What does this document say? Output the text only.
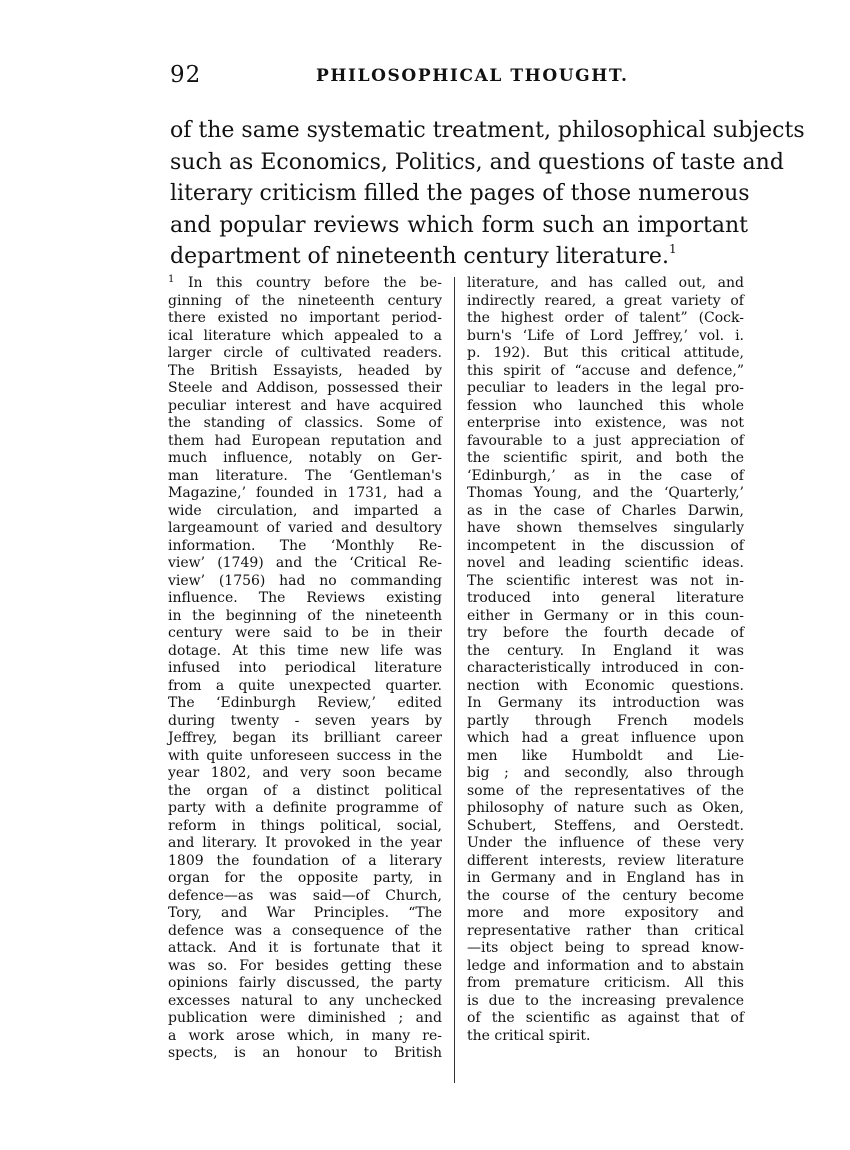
92	PHILOSOPHICAL THOUGHT.
of the same systematic treatment, philosophical subjects
such as Economics, Politics, and questions of taste and
literary criticism filled the pages of those numerous
and popular reviews which form such an important
department of nineteenth century literature.$^1$
$^1$ In this country before the be-
ginning of the nineteenth century
there existed no important period-
ical literature which appealed to a
larger circle of cultivated readers.
The British Essayists, headed by
Steele and Addison, possessed their
peculiar interest and have acquired
the standing of classics. Some of
them had European reputation and
much influence, notably on Ger-
man literature. The ‘Gentleman's
Magazine,’ founded in 1731, had a
wide circulation, and imparted a
largeamount of varied and desultory
information. The ‘Monthly Re-
view’ (1749) and the ‘Critical Re-
view’ (1756) had no commanding
influence. The Reviews existing
in the beginning of the nineteenth
century were said to be in their
dotage. At this time new life was
infused into periodical literature
from a quite unexpected quarter.
The ‘Edinburgh Review,’ edited
during twenty - seven years by
Jeffrey, began its brilliant career
with quite unforeseen success in the
year 1802, and very soon became
the organ of a distinct political
party with a definite programme of
reform in things political, social,
and literary. It provoked in the year
1809 the foundation of a literary
organ for the opposite party, in
defence—as was said—of Church,
Tory, and War Principles. “The
defence was a consequence of the
attack. And it is fortunate that it
was so. For besides getting these
opinions fairly discussed, the party
excesses natural to any unchecked
publication were diminished ; and
a work arose which, in many re-
spects, is an honour to British
literature, and has called out, and
indirectly reared, a great variety of
the highest order of talent” (Cock-
burn's ‘Life of Lord Jeffrey,’ vol. i.
p. 192). But this critical attitude,
this spirit of “accuse and defence,”
peculiar to leaders in the legal pro-
fession who launched this whole
enterprise into existence, was not
favourable to a just appreciation of
the scientific spirit, and both the
‘Edinburgh,’ as in the case of
Thomas Young, and the ‘Quarterly,’
as in the case of Charles Darwin,
have shown themselves singularly
incompetent in the discussion of
novel and leading scientific ideas.
The scientific interest was not in-
troduced into general literature
either in Germany or in this coun-
try before the fourth decade of
the century. In England it was
characteristically introduced in con-
nection with Economic questions.
In Germany its introduction was
partly through French models
which had a great influence upon
men like Humboldt and Lie-
big ; and secondly, also through
some of the representatives of the
philosophy of nature such as Oken,
Schubert, Steffens, and Oerstedt.
Under the influence of these very
different interests, review literature
in Germany and in England has in
the course of the century become
more and more expository and
representative rather than critical
—its object being to spread know-
ledge and information and to abstain
from premature criticism. All this
is due to the increasing prevalence
of the scientific as against that of
the critical spirit.
